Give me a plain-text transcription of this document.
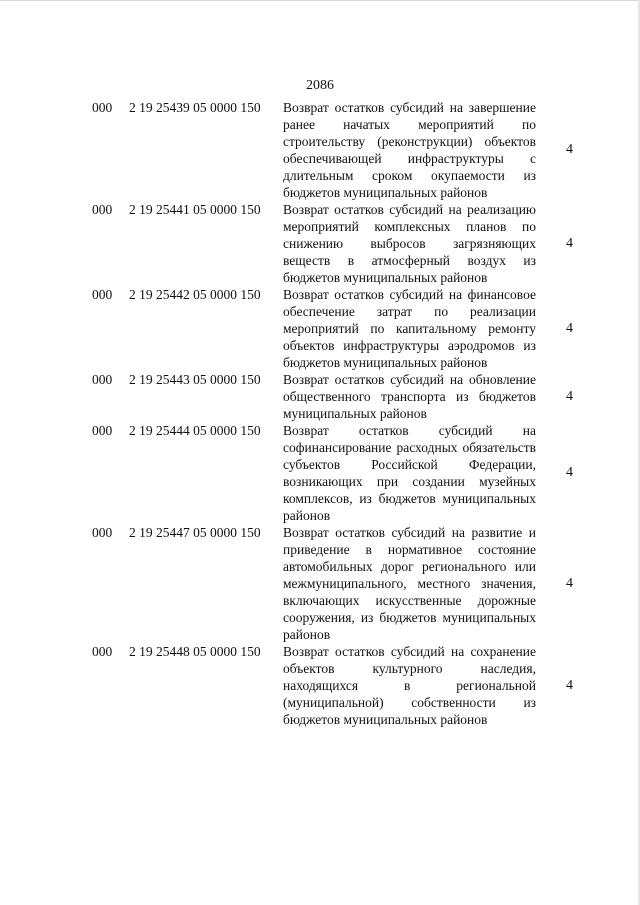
2086
000 2 19 25439 05 0000 150 Возврат остатков субсидий на завершение ранее начатых мероприятий по строительству (реконструкции) объектов обеспечивающей инфраструктуры с длительным сроком окупаемости из бюджетов муниципальных районов
4
000 2 19 25441 05 0000 150 Возврат остатков субсидий на реализацию мероприятий комплексных планов по снижению выбросов загрязняющих веществ в атмосферный воздух из бюджетов муниципальных районов
4
000 2 19 25442 05 0000 150 Возврат остатков субсидий на финансовое обеспечение затрат по реализации мероприятий по капитальному ремонту объектов инфраструктуры аэродромов из бюджетов муниципальных районов
4
000 2 19 25443 05 0000 150 Возврат остатков субсидий на обновление общественного транспорта из бюджетов муниципальных районов
4
000 2 19 25444 05 0000 150 Возврат остатков субсидий на софинансирование расходных обязательств субъектов Российской Федерации, возникающих при создании музейных комплексов, из бюджетов муниципальных районов
4
000 2 19 25447 05 0000 150 Возврат остатков субсидий на развитие и приведение в нормативное состояние автомобильных дорог регионального или межмуниципального, местного значения, включающих искусственные дорожные сооружения, из бюджетов муниципальных районов
4
000 2 19 25448 05 0000 150 Возврат остатков субсидий на сохранение объектов культурного наследия, находящихся в региональной (муниципальной) собственности из бюджетов муниципальных районов
4
